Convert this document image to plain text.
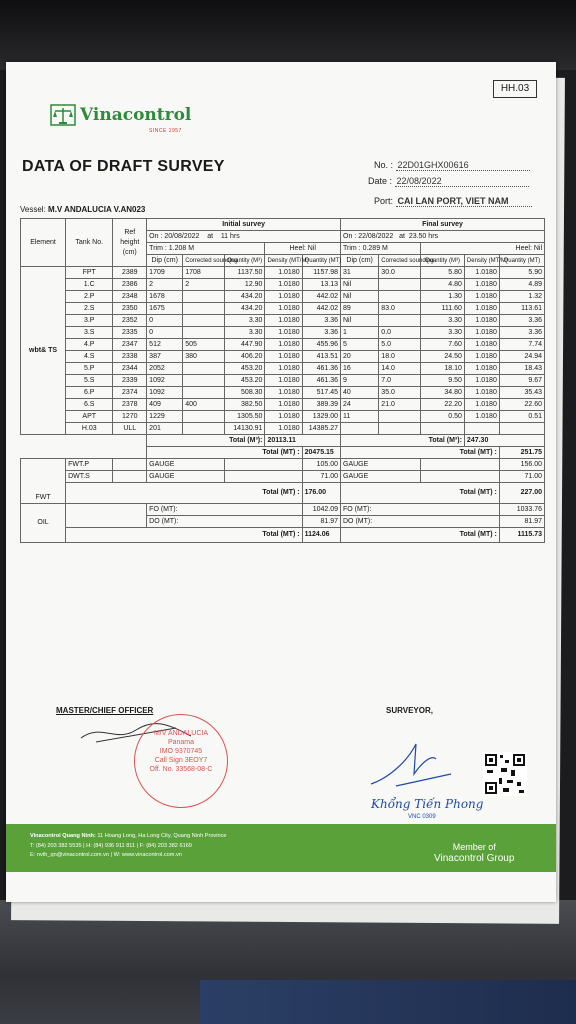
HH.03
Vinacontrol
SINCE 1957
DATA OF DRAFT SURVEY	No. : 22D01GHX00616
Date : 22/08/2022
Port: CAI LAN PORT, VIET NAM
Vessel: M.V ANDALUCIA V.AN023
Element	Tank No.	Ref height (cm)	Initial survey					Final survey				
			On : 20/08/2022 at 11 hrs					On : 22/08/2022 at 23.50 hrs				
			Trim : 1.208 M			Heel: Nil		Trim : 0.289 M		Heel: Nil		
			Dip (cm)	Corrected sounding	Quantity (M³)	Density (MT/M³	Quantity (MT)	Dip (cm)	Corrected sounding	Quantity (M³)	Density (MT/M³	Quantity (MT)
wbt& TS	FPT	2389	1709	1708	1137.50	1.0180	1157.98	31	30.0	5.80	1.0180	5.90
	1.C	2386	2	2	12.90	1.0180	13.13	Nil		4.80	1.0180	4.89
	2.P	2348	1678		434.20	1.0180	442.02	Nil		1.30	1.0180	1.32
	2.S	2350	1675		434.20	1.0180	442.02	89	83.0	111.60	1.0180	113.61
	3.P	2352	0		3.30	1.0180	3.36	Nil		3.30	1.0180	3.36
	3.S	2335	0		3.30	1.0180	3.36	1	0.0	3.30	1.0180	3.36
	4.P	2347	512	505	447.90	1.0180	455.96	5	5.0	7.60	1.0180	7.74
	4.S	2338	387	380	406.20	1.0180	413.51	20	18.0	24.50	1.0180	24.94
	5.P	2344	2052		453.20	1.0180	461.36	16	14.0	18.10	1.0180	18.43
	5.S	2339	1092		453.20	1.0180	461.36	9	7.0	9.50	1.0180	9.67
	6.P	2374	1092		508.30	1.0180	517.45	40	35.0	34.80	1.0180	35.43
	6.S	2378	409	400	382.50	1.0180	389.39	24	21.0	22.20	1.0180	22.60
	APT	1270	1229		1305.50	1.0180	1329.00	11		0.50	1.0180	0.51
	H.03	ULL	201		14130.91	1.0180	14385.27					
			Total (M³):			20113.11		Total (M³):			247.30	
			Total (MT) :				20475.15	Total (MT) :				251.75
FWT	FWT.P		GAUGE				105.00	GAUGE				156.00
	DWT.S		GAUGE				71.00	GAUGE				71.00
	Total (MT) :						176.00	Total (MT) :				227.00
OIL			FO (MT):				1042.09	FO (MT):				1033.76
			DO (MT):				81.97	DO (MT):				81.97
	Total (MT) :						1124.06	Total (MT) :				1115.73
MASTER/CHIEF OFFICER	SURVEYOR,
M/V ANDALUCIA
Panama
IMO 9370745
Call Sign 3EOY7
Off. No. 33568-08-C
Khổng Tiến Phong
VNC 0309
Vinacontrol Quang Ninh: 11 Hoang Long, Ha Long City, Quang Ninh Province
T: (84) 203 382 5535 | H: (84) 936 911 811 | F: (84) 203 382 6169
E: nvth_qn@vinacontrol.com.vn | W: www.vinacontrol.com.vn
Member of
Vinacontrol Group
